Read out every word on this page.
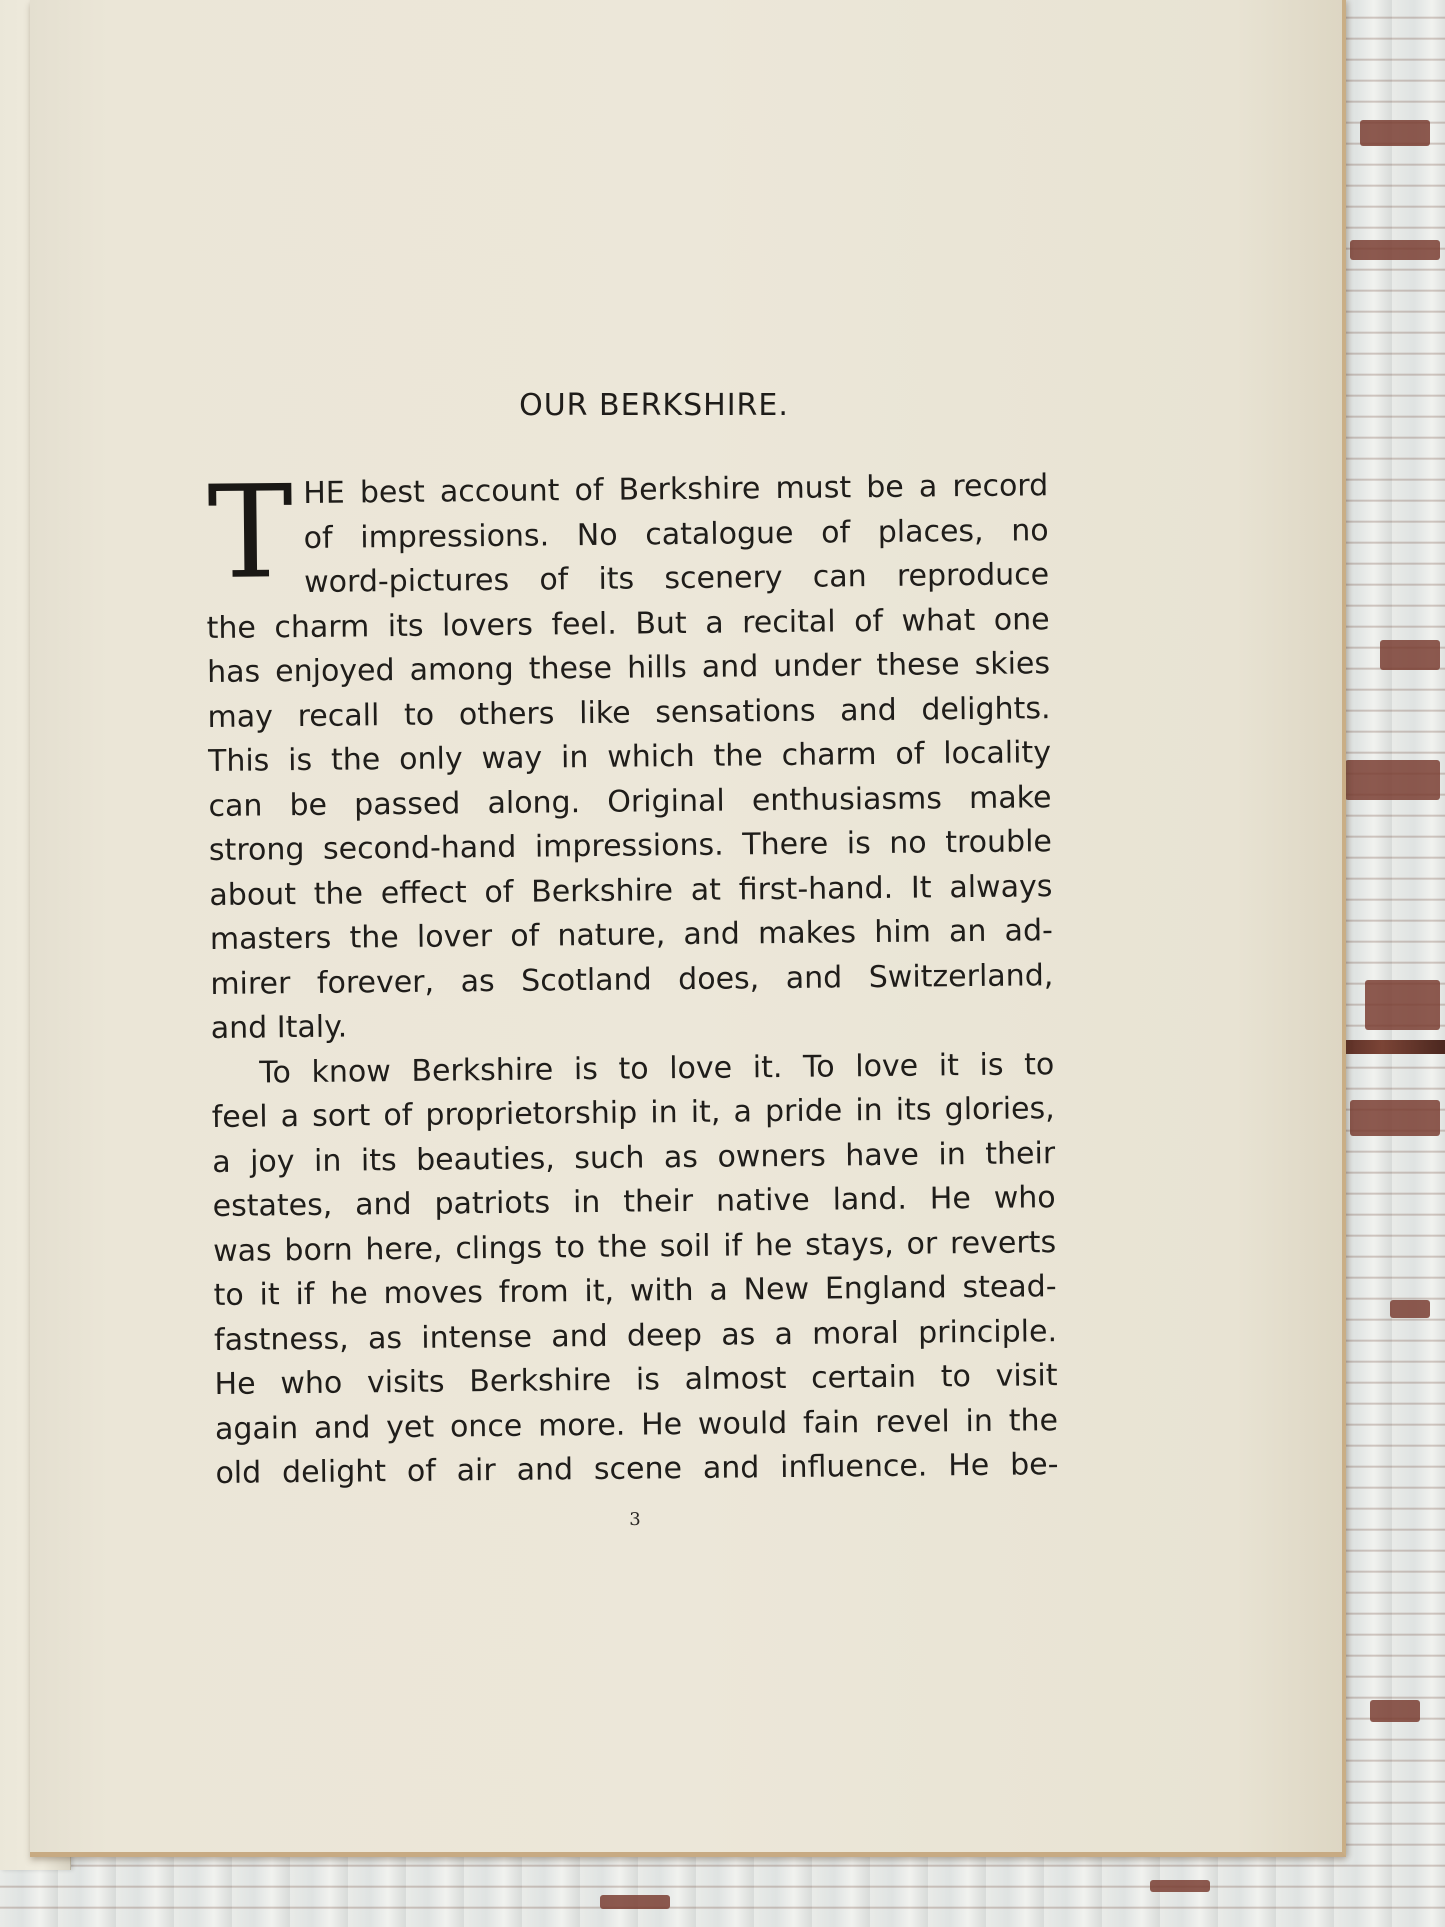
OUR BERKSHIRE.
T HE best account of Berkshire must be a record
of impressions. No catalogue of places, no
word-pictures of its scenery can reproduce
the charm its lovers feel. But a recital of what one
has enjoyed among these hills and under these skies
may recall to others like sensations and delights.
This is the only way in which the charm of locality
can be passed along. Original enthusiasms make
strong second-hand impressions. There is no trouble
about the effect of Berkshire at first-hand. It always
masters the lover of nature, and makes him an ad-
mirer forever, as Scotland does, and Switzerland,
and Italy.
To know Berkshire is to love it. To love it is to
feel a sort of proprietorship in it, a pride in its glories,
a joy in its beauties, such as owners have in their
estates, and patriots in their native land. He who
was born here, clings to the soil if he stays, or reverts
to it if he moves from it, with a New England stead-
fastness, as intense and deep as a moral principle.
He who visits Berkshire is almost certain to visit
again and yet once more. He would fain revel in the
old delight of air and scene and influence. He be-
3
